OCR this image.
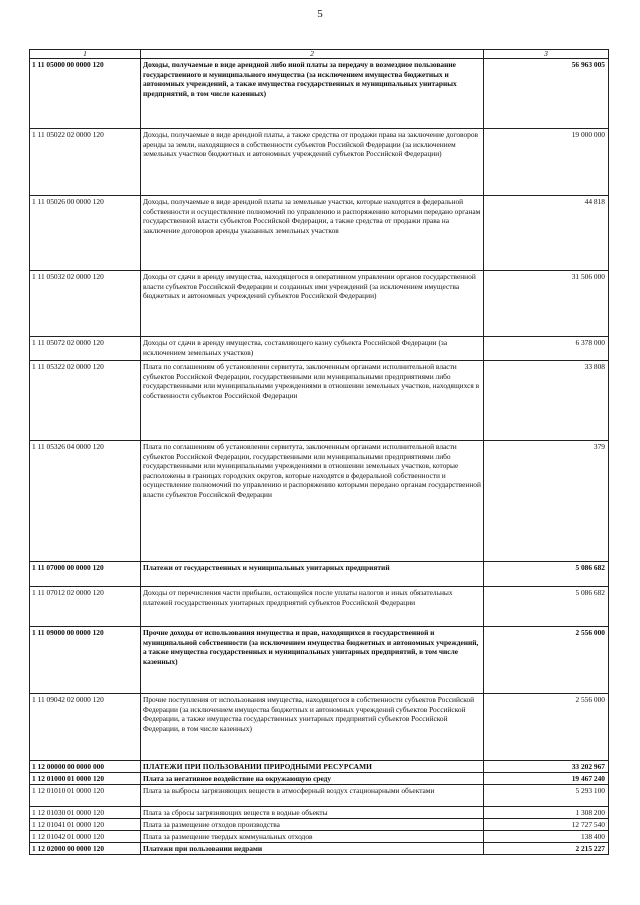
5
1	2	3
1 11 05000 00 0000 120	Доходы, получаемые в виде арендной либо иной платы за передачу в возмездное пользование государственного и муниципального имущества (за исключением имущества бюджетных и автономных учреждений, а также имущества государственных и муниципальных унитарных предприятий, в том числе казенных)	56 963 005
1 11 05022 02 0000 120	Доходы, получаемые в виде арендной платы, а также средства от продажи права на заключение договоров аренды за земли, находящиеся в собственности субъектов Российской Федерации (за исключением земельных участков бюджетных и автономных учреждений субъектов Российской Федерации)	19 000 000
1 11 05026 00 0000 120	Доходы, получаемые в виде арендной платы за земельные участки, которые находятся в федеральной собственности и осуществление полномочий по управлению и распоряжению которыми передано органам государственной власти субъектов Российской Федерации, а также средства от продажи права на заключение договоров аренды указанных земельных участков	44 818
1 11 05032 02 0000 120	Доходы от сдачи в аренду имущества, находящегося в оперативном управлении органов государственной власти субъектов Российской Федерации и созданных ими учреждений (за исключением имущества бюджетных и автономных учреждений субъектов Российской Федерации)	31 506 000
1 11 05072 02 0000 120	Доходы от сдачи в аренду имущества, составляющего казну субъекта Российской Федерации (за исключением земельных участков)	6 378 000
1 11 05322 02 0000 120	Плата по соглашениям об установлении сервитута, заключенным органами исполнительной власти субъектов Российской Федерации, государственными или муниципальными предприятиями либо государственными или муниципальными учреждениями в отношении земельных участков, находящихся в собственности субъектов Российской Федерации	33 808
1 11 05326 04 0000 120	Плата по соглашениям об установлении сервитута, заключенным органами исполнительной власти субъектов Российской Федерации, государственными или муниципальными предприятиями либо государственными или муниципальными учреждениями в отношении земельных участков, которые расположены в границах городских округов, которые находятся в федеральной собственности и осуществление полномочий по управлению и распоряжению которыми передано органам государственной власти субъектов Российской Федерации	379
1 11 07000 00 0000 120	Платежи от государственных и муниципальных унитарных предприятий	5 086 682
1 11 07012 02 0000 120	Доходы от перечисления части прибыли, остающейся после уплаты налогов и иных обязательных платежей государственных унитарных предприятий субъектов Российской Федерации	5 086 682
1 11 09000 00 0000 120	Прочие доходы от использования имущества и прав, находящихся в государственной и муниципальной собственности (за исключением имущества бюджетных и автономных учреждений, а также имущества государственных и муниципальных унитарных предприятий, в том числе казенных)	2 556 000
1 11 09042 02 0000 120	Прочие поступления от использования имущества, находящегося в собственности субъектов Российской Федерации (за исключением имущества бюджетных и автономных учреждений субъектов Российской Федерации, а также имущества государственных унитарных предприятий субъектов Российской Федерации, в том числе казенных)	2 556 000
1 12 00000 00 0000 000	ПЛАТЕЖИ ПРИ ПОЛЬЗОВАНИИ ПРИРОДНЫМИ РЕСУРСАМИ	33 202 967
1 12 01000 01 0000 120	Плата за негативное воздействие на окружающую среду	19 467 240
1 12 01010 01 0000 120	Плата за выбросы загрязняющих веществ в атмосферный воздух стационарными объектами	5 293 100
1 12 01030 01 0000 120	Плата за сбросы загрязняющих веществ в водные объекты	1 308 200
1 12 01041 01 0000 120	Плата за размещение отходов производства	12 727 540
1 12 01042 01 0000 120	Плата за размещение твердых коммунальных отходов	138 400
1 12 02000 00 0000 120	Платежи при пользовании недрами	2 215 227
